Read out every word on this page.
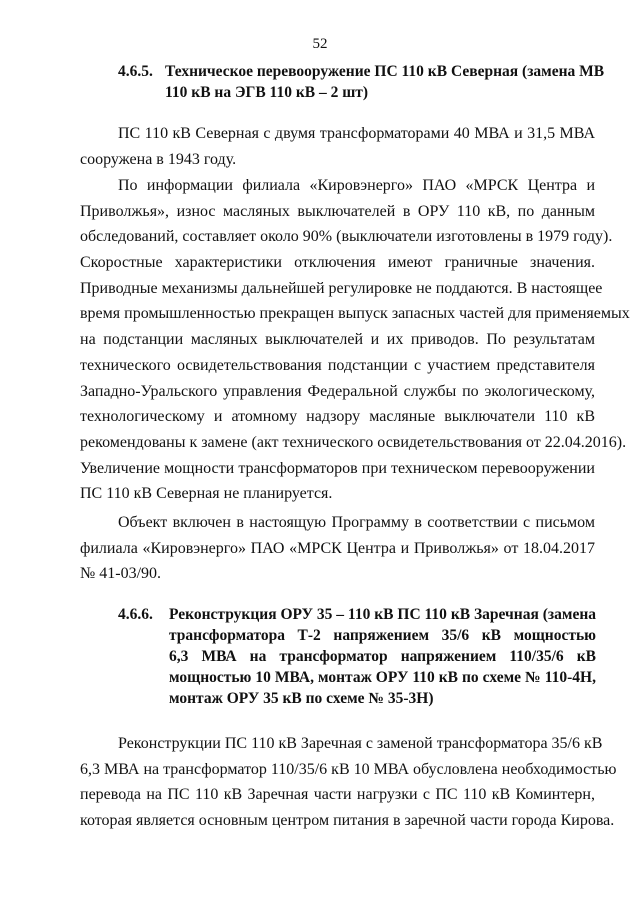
52
4.6.5. Техническое перевооружение ПС 110 кВ Северная (замена МВ
110 кВ на ЭГВ 110 кВ – 2 шт)
ПС 110 кВ Северная с двумя трансформаторами 40 МВА и 31,5 МВА
сооружена в 1943 году.
По информации филиала «Кировэнерго» ПАО «МРСК Центра и
Приволжья», износ масляных выключателей в ОРУ 110 кВ, по данным
обследований, составляет около 90% (выключатели изготовлены в 1979 году).
Скоростные характеристики отключения имеют граничные значения.
Приводные механизмы дальнейшей регулировке не поддаются. В настоящее
время промышленностью прекращен выпуск запасных частей для применяемых
на подстанции масляных выключателей и их приводов. По результатам
технического освидетельствования подстанции с участием представителя
Западно-Уральского управления Федеральной службы по экологическому,
технологическому и атомному надзору масляные выключатели 110 кВ
рекомендованы к замене (акт технического освидетельствования от 22.04.2016).
Увеличение мощности трансформаторов при техническом перевооружении
ПС 110 кВ Северная не планируется.
Объект включен в настоящую Программу в соответствии с письмом
филиала «Кировэнерго» ПАО «МРСК Центра и Приволжья» от 18.04.2017
№ 41-03/90.
4.6.6. Реконструкция ОРУ 35 – 110 кВ ПС 110 кВ Заречная (замена
трансформатора Т-2 напряжением 35/6 кВ мощностью
6,3 МВА на трансформатор напряжением 110/35/6 кВ
мощностью 10 МВА, монтаж ОРУ 110 кВ по схеме № 110-4Н,
монтаж ОРУ 35 кВ по схеме № 35-3Н)
Реконструкции ПС 110 кВ Заречная с заменой трансформатора 35/6 кВ
6,3 МВА на трансформатор 110/35/6 кВ 10 МВА обусловлена необходимостью
перевода на ПС 110 кВ Заречная части нагрузки с ПС 110 кВ Коминтерн,
которая является основным центром питания в заречной части города Кирова.
